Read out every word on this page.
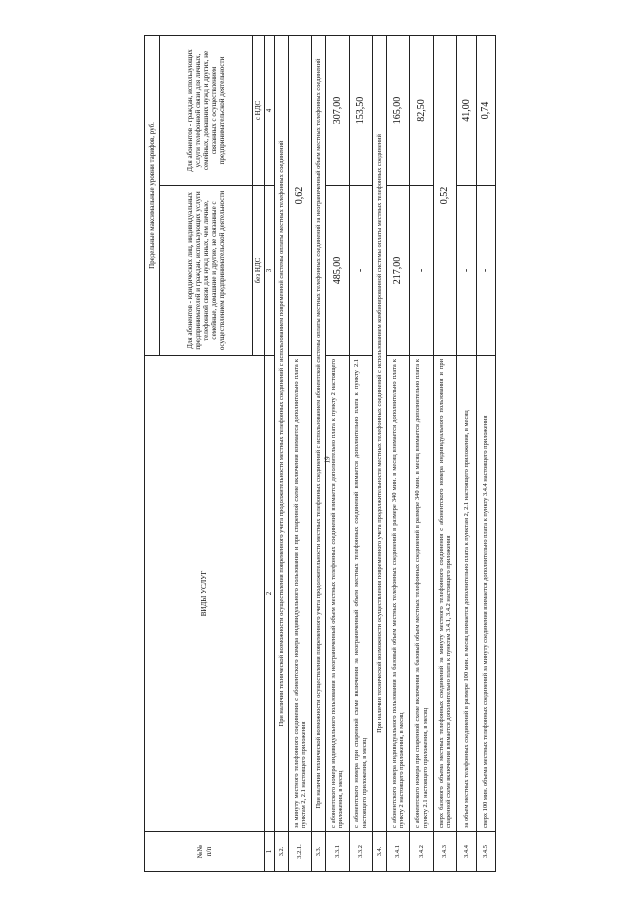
19
№№
п/п	ВИДЫ УСЛУГ	Предельные максимальные уровни тарифов, руб.	
		Для абонентов - юридических лиц, индивидуальных предпринимателей и граждан, использующих услуги телефонной связи для нужд иных, чем личные, семейные, домашние и другие, не связанные с осуществлением предпринимательской деятельности	Для абонентов - граждан, использующих услуги телефонной связи для личных, семейных, домашних нужд и других, не связанных с осуществлением предпринимательской деятельности
		без НДС	с НДС
1	2	3	4
3.2.	При наличии технической возможности осуществления повременного учета продолжительности местных телефонных соединений с использованием повременной системы оплаты местных телефонных соединений		
3.2.1.	за минуту местного телефонного соединения с абонентского номера индивидуального пользования и при спаренной схеме включения взимается дополнительно плата к пунктам 2, 2.1 настоящего приложения	0,62	
3.3.	При наличии технической возможности осуществления повременного учета продолжительности местных телефонных соединений с использованием абонентской системы оплаты местных телефонных соединений за неограниченный объем местных телефонных соединений		
3.3.1	с абонентского номера индивидуального пользования за неограниченный объем местных телефонных соединений взимается дополнительно плата к пункту 2 настоящего приложения, в месяц	485,00	307,00
3.3.2	с абонентского номера при спаренной схеме включения за неограниченный объем местных телефонных соединений взимается дополнительно плата к пункту 2.1 настоящего приложения, в месяц	-	153,50
3.4.	При наличии технической возможности осуществления повременного учета продолжительности местных телефонных соединений с использованием комбинированной системы оплаты местных телефонных соединений		
3.4.1	с абонентского номера индивидуального пользования за базовый объем местных телефонных соединений в размере 340 мин. в месяц взимается дополнительно плата к пункту 2 настоящего приложения, в месяц	217,00	165,00
3.4.2	с абонентского номера при спаренной схеме включения за базовый объем местных телефонных соединений в размере 340 мин. в месяц взимается дополнительно плата к пункту 2.1 настоящего приложения, в месяц	-	82,50
3.4.3	сверх базового объема местных телефонных соединений за минуту местного телефонного соединения с абонентского номера индивидуального пользования и при спаренной схеме включения взимается дополнительно плата к пунктам 3.4.1, 3.4.2 настоящего приложения	0,52	
3.4.4	за объем местных телефонных соединений в размере 100 мин. в месяц взимается дополнительно плата к пунктам 2, 2.1 настоящего приложения, в месяц	-	41,00
3.4.5	сверх 100 мин. объема местных телефонных соединений за минуту соединения взимается дополнительно плата к пункту 3.4.4 настоящего приложения	-	0,74
